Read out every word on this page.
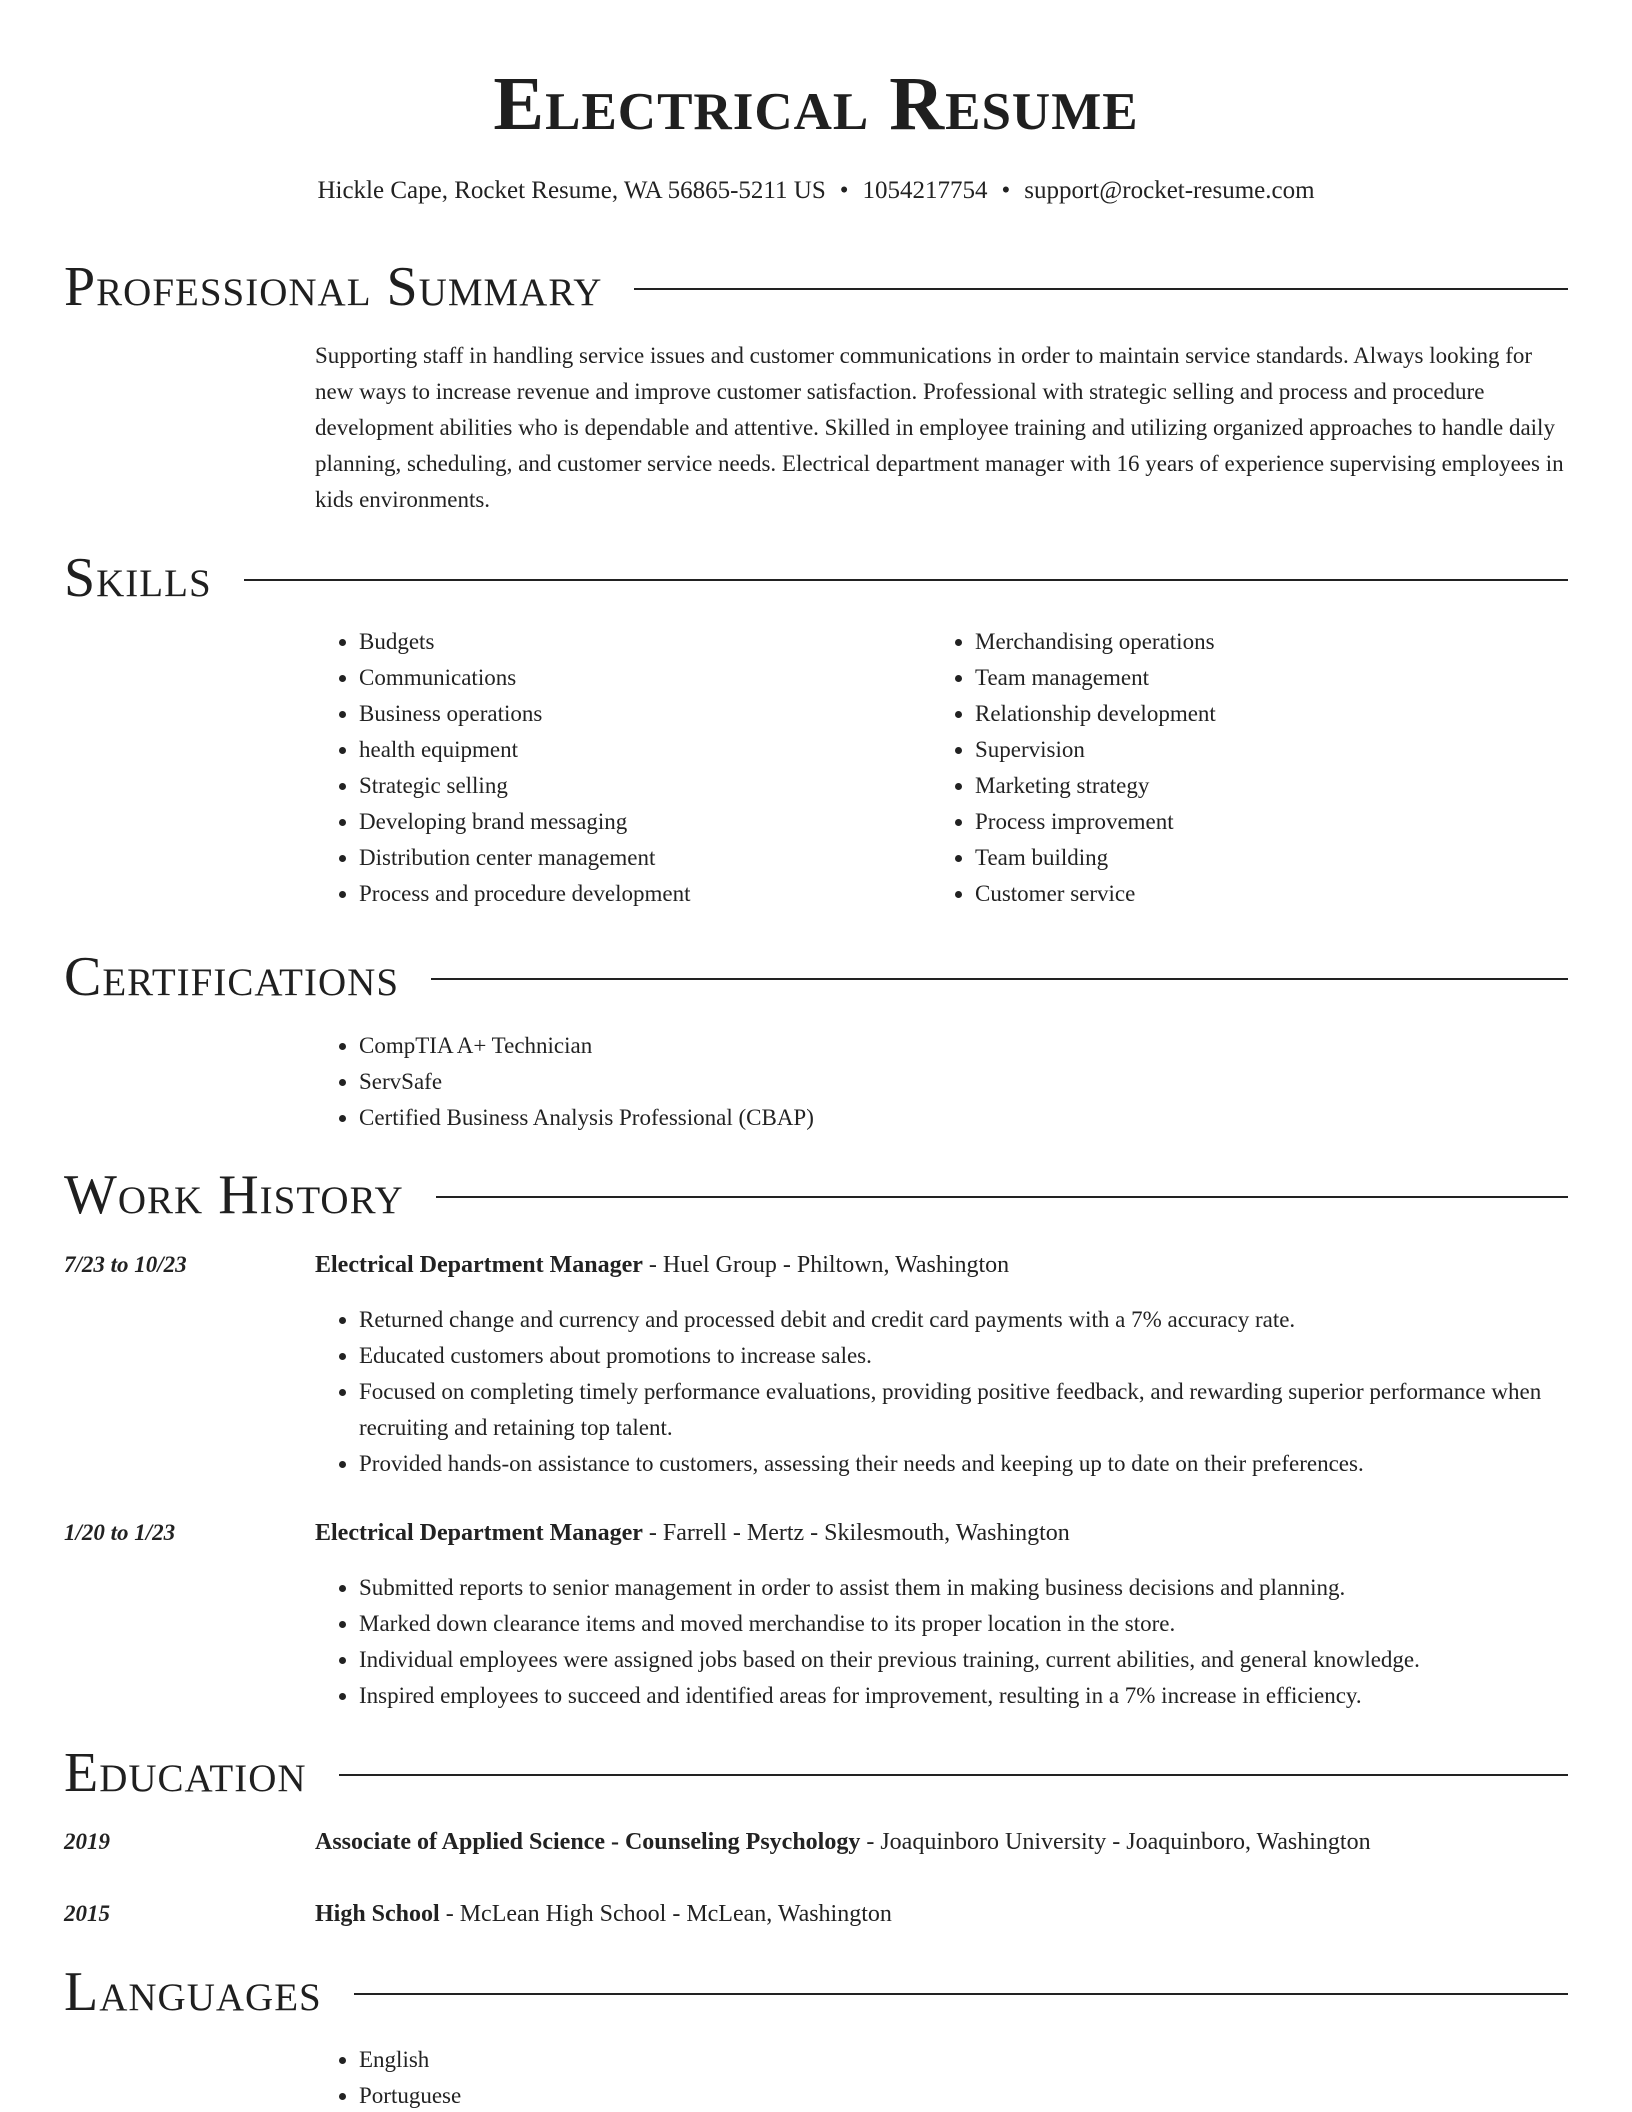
Electrical Resume
Hickle Cape, Rocket Resume, WA 56865-5211 US • 1054217754 • support@rocket-resume.com
Professional Summary

Supporting staff in handling service issues and customer communications in order to maintain service standards. Always looking for new ways to increase revenue and improve customer satisfaction. Professional with strategic selling and process and procedure development abilities who is dependable and attentive. Skilled in employee training and utilizing organized approaches to handle daily planning, scheduling, and customer service needs. Electrical department manager with 16 years of experience supervising employees in kids environments.

Skills
• Budgets
• Communications
• Business operations
• health equipment
• Strategic selling
• Developing brand messaging
• Distribution center management
• Process and procedure development
• Merchandising operations
• Team management
• Relationship development
• Supervision
• Marketing strategy
• Process improvement
• Team building
• Customer service
Certifications
• CompTIA A+ Technician
• ServSafe
• Certified Business Analysis Professional (CBAP)
Work History
7/23 to 10/23	Electrical Department Manager - Huel Group - Philtown, Washington
• Returned change and currency and processed debit and credit card payments with a 7% accuracy rate.
• Educated customers about promotions to increase sales.
• Focused on completing timely performance evaluations, providing positive feedback, and rewarding superior performance when recruiting and retaining top talent.
• Provided hands-on assistance to customers, assessing their needs and keeping up to date on their preferences.
1/20 to 1/23	Electrical Department Manager - Farrell - Mertz - Skilesmouth, Washington
• Submitted reports to senior management in order to assist them in making business decisions and planning.
• Marked down clearance items and moved merchandise to its proper location in the store.
• Individual employees were assigned jobs based on their previous training, current abilities, and general knowledge.
• Inspired employees to succeed and identified areas for improvement, resulting in a 7% increase in efficiency.
Education
2019	Associate of Applied Science - Counseling Psychology - Joaquinboro University - Joaquinboro, Washington
2015	High School - McLean High School - McLean, Washington
Languages
• English
• Portuguese
